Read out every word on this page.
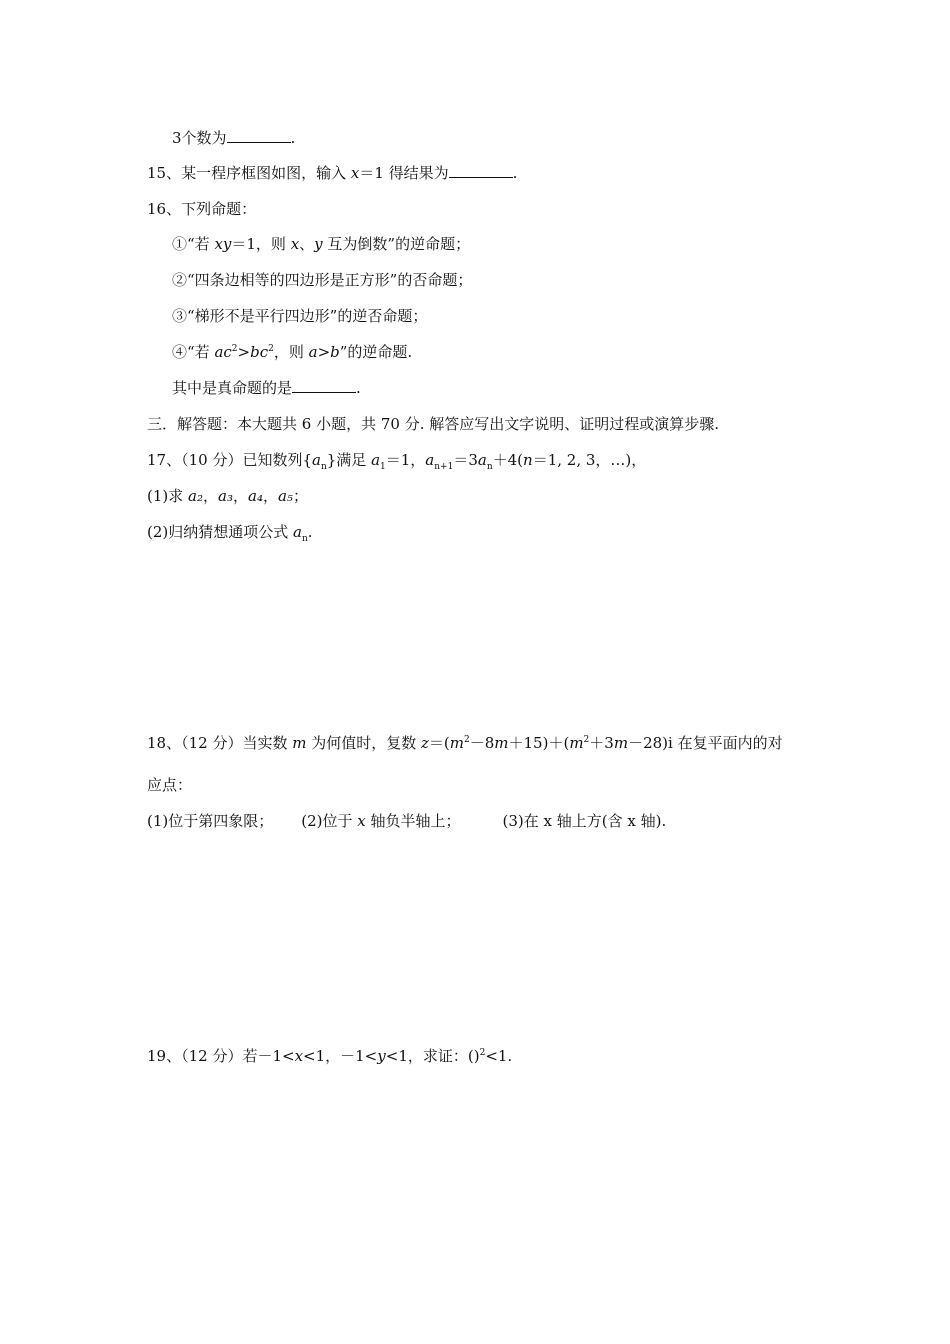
3个数为	.
15、某一程序框图如图，输入 x＝1 得结果为	.
16、下列命题：
①“若 xy＝1，则 x、y 互为倒数”的逆命题；
②“四条边相等的四边形是正方形”的否命题；
③“梯形不是平行四边形”的逆否命题；
④“若 $ac^2>bc^2$，则 a>b”的逆命题.
其中是真命题的是	.
三．解答题：本大题共 6 小题，共 70 分. 解答应写出文字说明、证明过程或演算步骤.
17、（10 分）已知数列$\{a_n\}$满足 $a_1=1$，$a_{n+1}=3a_n+4(n=1$, 2, 3，…)，
(1)求 a₂，a₃，a₄，a₅；
(2)归纳猜想通项公式 $a_n$.
18、（12 分）当实数 m 为何值时，复数 $z=(m^2-8m+15)+(m^2+3m-28)i$ 在复平面内的对
应点：
(1)位于第四象限； (2)位于 x 轴负半轴上；	(3)在 x 轴上方(含 x 轴).
19、（12 分）若－1<x<1，－1<y<1，求证：()$^2$<1.
